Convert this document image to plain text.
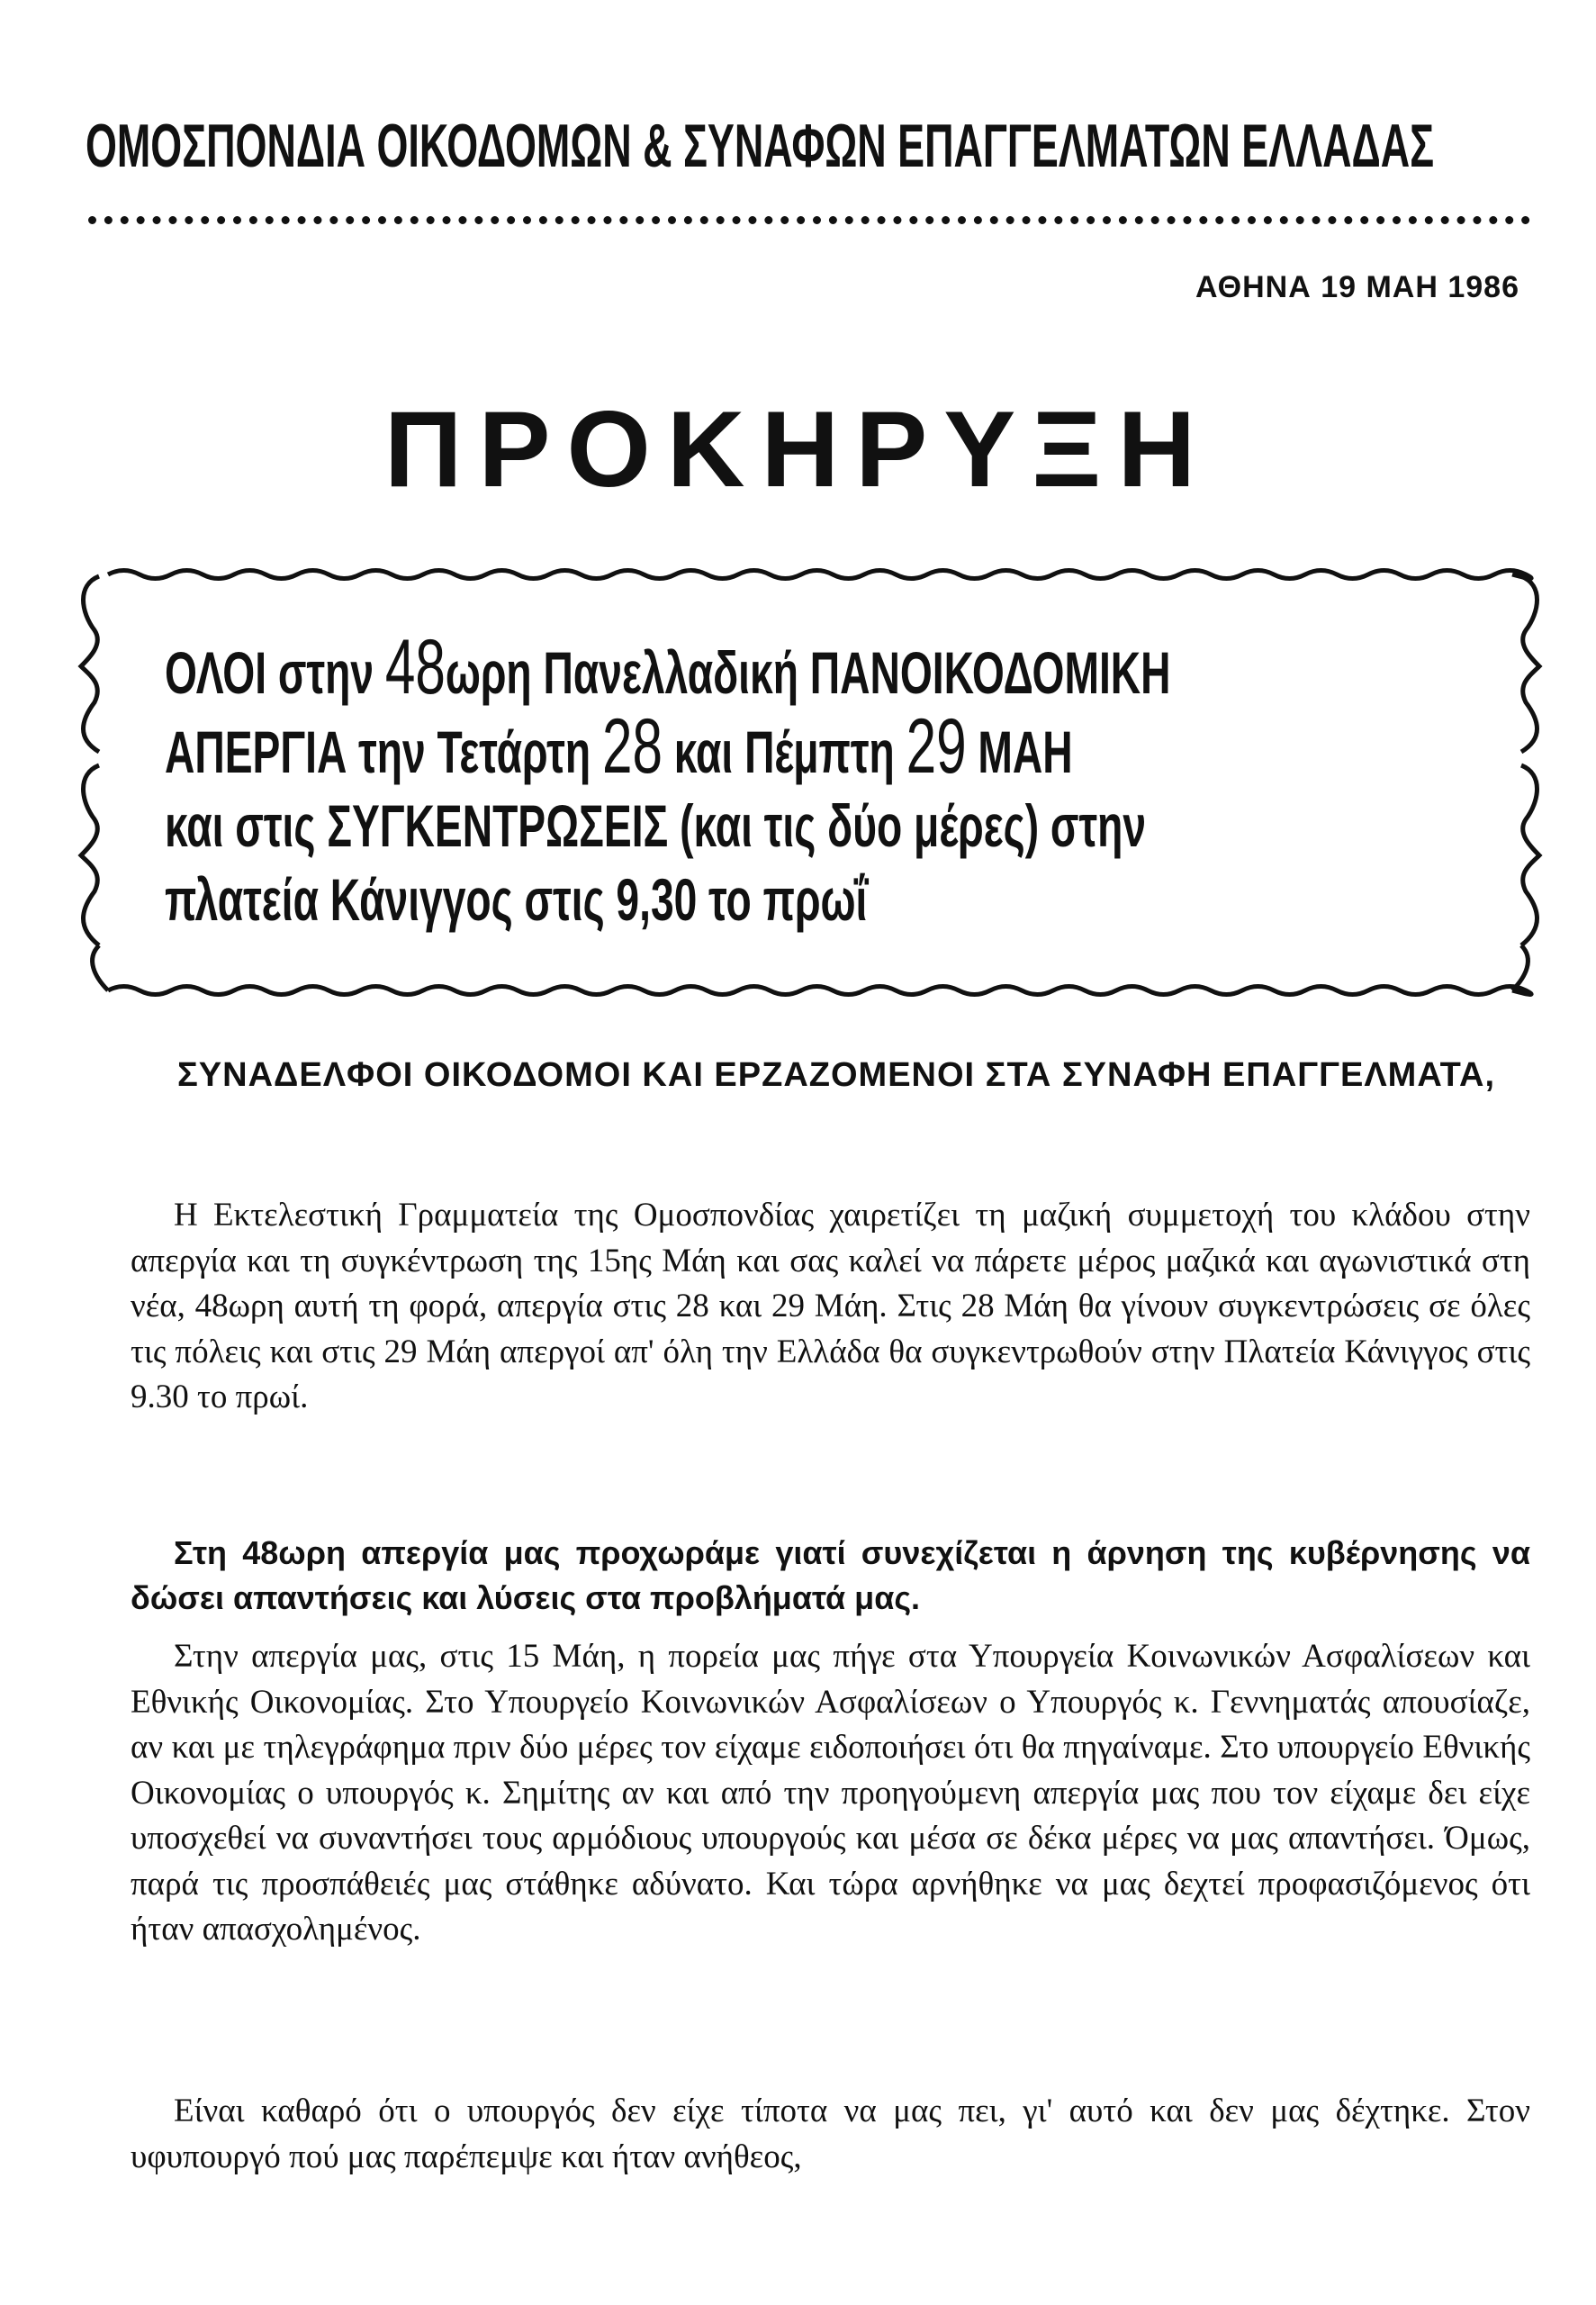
ΟΜΟΣΠΟΝΔΙΑ ΟΙΚΟΔΟΜΩΝ & ΣΥΝΑΦΩΝ ΕΠΑΓΓΕΛΜΑΤΩΝ ΕΛΛΑΔΑΣ
ΑΘΗΝΑ 19 ΜΑΗ 1986
ΠΡΟΚΗΡΥΞΗ
ΟΛΟΙ στην 48ωρη Πανελλαδική ΠΑΝΟΙΚΟΔΟΜΙΚΗ
ΑΠΕΡΓΙΑ την Τετάρτη 28 και Πέμπτη 29 ΜΑΗ
και στις ΣΥΓΚΕΝΤΡΩΣΕΙΣ (και τις δύο μέρες) στην
πλατεία Κάνιγγος στις 9,30 το πρωΐ
ΣΥΝΑΔΕΛΦΟΙ ΟΙΚΟΔΟΜΟΙ ΚΑΙ ΕΡΖΑΖΟΜΕΝΟΙ ΣΤΑ ΣΥΝΑΦΗ ΕΠΑΓΓΕΛΜΑΤΑ,
Η Εκτελεστική Γραμματεία της Ομοσπονδίας χαιρετίζει τη μαζική συμμετοχή του κλάδου στην απεργία και τη συγκέντρωση της 15ης Μάη και σας καλεί να πάρετε μέρος μαζικά και αγωνιστικά στη νέα, 48ωρη αυτή τη φορά, απεργία στις 28 και 29 Μάη. Στις 28 Μάη θα γίνουν συγκεντρώσεις σε όλες τις πόλεις και στις 29 Μάη απεργοί απ' όλη την Ελλάδα θα συγκεντρωθούν στην Πλατεία Κάνιγγος στις 9.30 το πρωί.
Στη 48ωρη απεργία μας προχωράμε γιατί συνεχίζεται η άρνηση της κυβέρνησης να δώσει απαντήσεις και λύσεις στα προβλήματά μας.
Στην απεργία μας, στις 15 Μάη, η πορεία μας πήγε στα Υπουργεία Κοινωνικών Ασφαλίσεων και Εθνικής Οικονομίας. Στο Υπουργείο Κοινωνικών Ασφαλίσεων ο Υπουργός κ. Γεννηματάς απουσίαζε, αν και με τηλεγράφημα πριν δύο μέρες τον είχαμε ειδοποιήσει ότι θα πηγαίναμε. Στο υπουργείο Εθνικής Οικονομίας ο υπουργός κ. Σημίτης αν και από την προηγούμενη απεργία μας που τον είχαμε δει είχε υποσχεθεί να συναντήσει τους αρμόδιους υπουργούς και μέσα σε δέκα μέρες να μας απαντήσει. Όμως, παρά τις προσπάθειές μας στάθηκε αδύνατο. Και τώρα αρνήθηκε να μας δεχτεί προφασιζόμενος ότι ήταν απασχολημένος.
Είναι καθαρό ότι ο υπουργός δεν είχε τίποτα να μας πει, γι' αυτό και δεν μας δέχτηκε. Στον υφυπουργό πού μας παρέπεμψε και ήταν ανήθεος,
